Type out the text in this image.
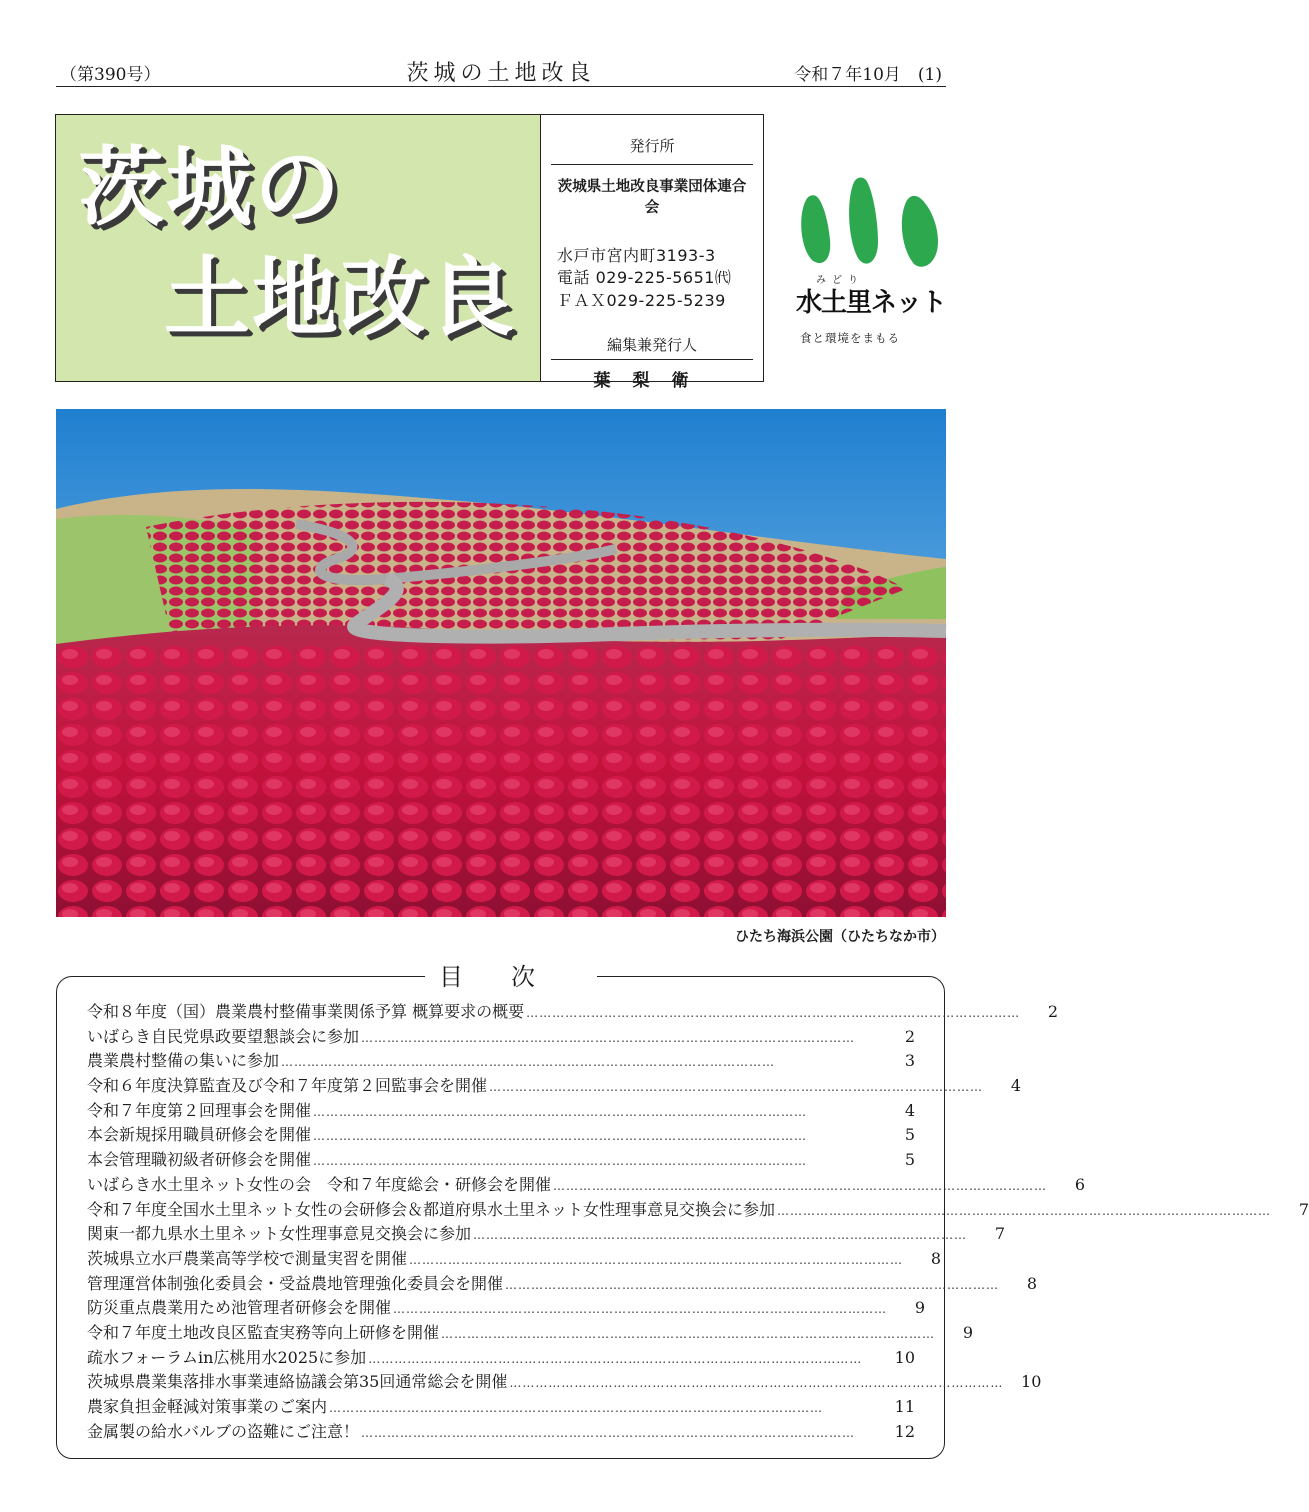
（第390号）	茨城の土地改良	令和７年10月　(1)
茨城の
土地改良
発行所
茨城県土地改良事業団体連合会
水戸市宮内町3193-3
電話 029-225-5651㈹
ＦＡＸ029-225-5239
編集兼発行人
葉梨衛
みどり
水土里ネット
食と環境をまもる
ひたち海浜公園（ひたちなか市）
目次
令和８年度（国）農業農村整備事業関係予算 概算要求の概要 ……………………………………………………………………………………………………	2
いばらき自民党県政要望懇談会に参加 ……………………………………………………………………………………………………	2
農業農村整備の集いに参加 ……………………………………………………………………………………………………	3
令和６年度決算監査及び令和７年度第２回監事会を開催 ……………………………………………………………………………………………………	4
令和７年度第２回理事会を開催 ……………………………………………………………………………………………………	4
本会新規採用職員研修会を開催 ……………………………………………………………………………………………………	5
本会管理職初級者研修会を開催 ……………………………………………………………………………………………………	5
いばらき水土里ネット女性の会　令和７年度総会・研修会を開催 ……………………………………………………………………………………………………	6
令和７年度全国水土里ネット女性の会研修会＆都道府県水土里ネット女性理事意見交換会に参加 ……………………………………………………………………………………………………	7
関東一都九県水土里ネット女性理事意見交換会に参加 ……………………………………………………………………………………………………	7
茨城県立水戸農業高等学校で測量実習を開催 ……………………………………………………………………………………………………	8
管理運営体制強化委員会・受益農地管理強化委員会を開催 ……………………………………………………………………………………………………	8
防災重点農業用ため池管理者研修会を開催 ……………………………………………………………………………………………………	9
令和７年度土地改良区監査実務等向上研修を開催 ……………………………………………………………………………………………………	9
疏水フォーラムin広桃用水2025に参加 ……………………………………………………………………………………………………	10
茨城県農業集落排水事業連絡協議会第35回通常総会を開催 ……………………………………………………………………………………………………	10
農家負担金軽減対策事業のご案内 ……………………………………………………………………………………………………	11
金属製の給水バルブの盗難にご注意！ ……………………………………………………………………………………………………	12
